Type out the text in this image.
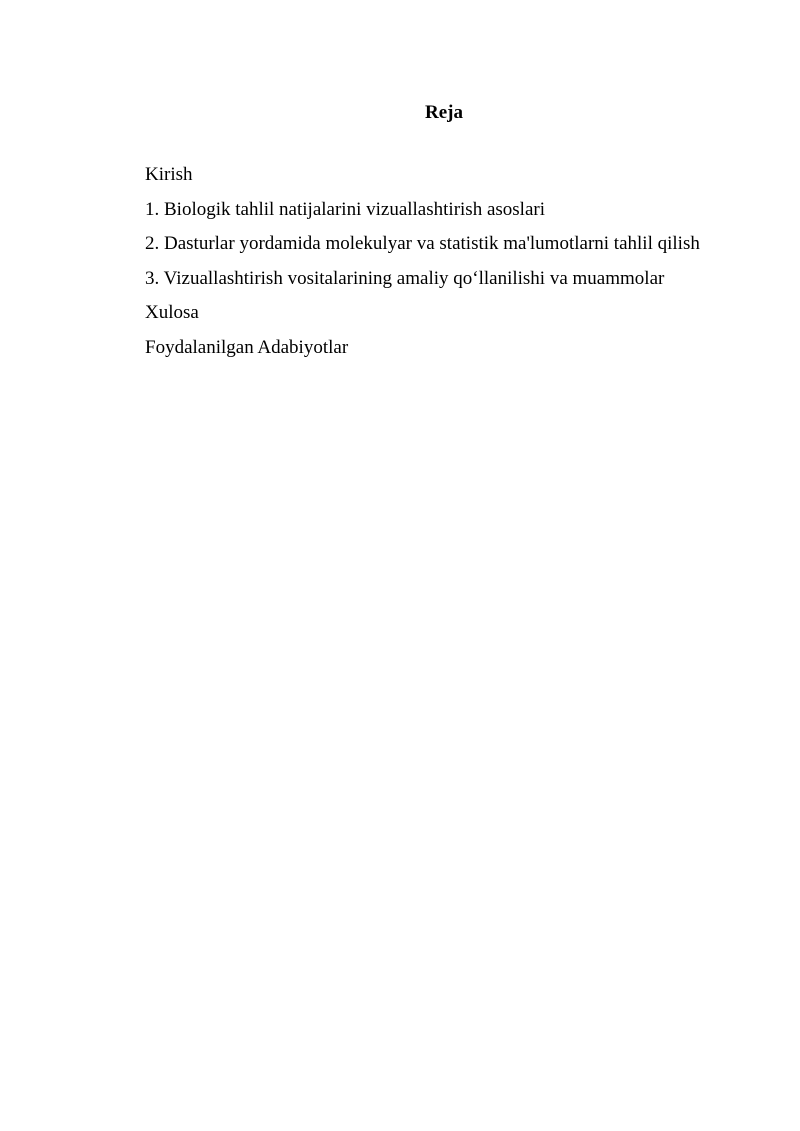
Reja
Kirish
1. Biologik tahlil natijalarini vizuallashtirish asoslari
2. Dasturlar yordamida molekulyar va statistik ma'lumotlarni tahlil qilish
3. Vizuallashtirish vositalarining amaliy qo‘llanilishi va muammolar
Xulosa
Foydalanilgan Adabiyotlar
